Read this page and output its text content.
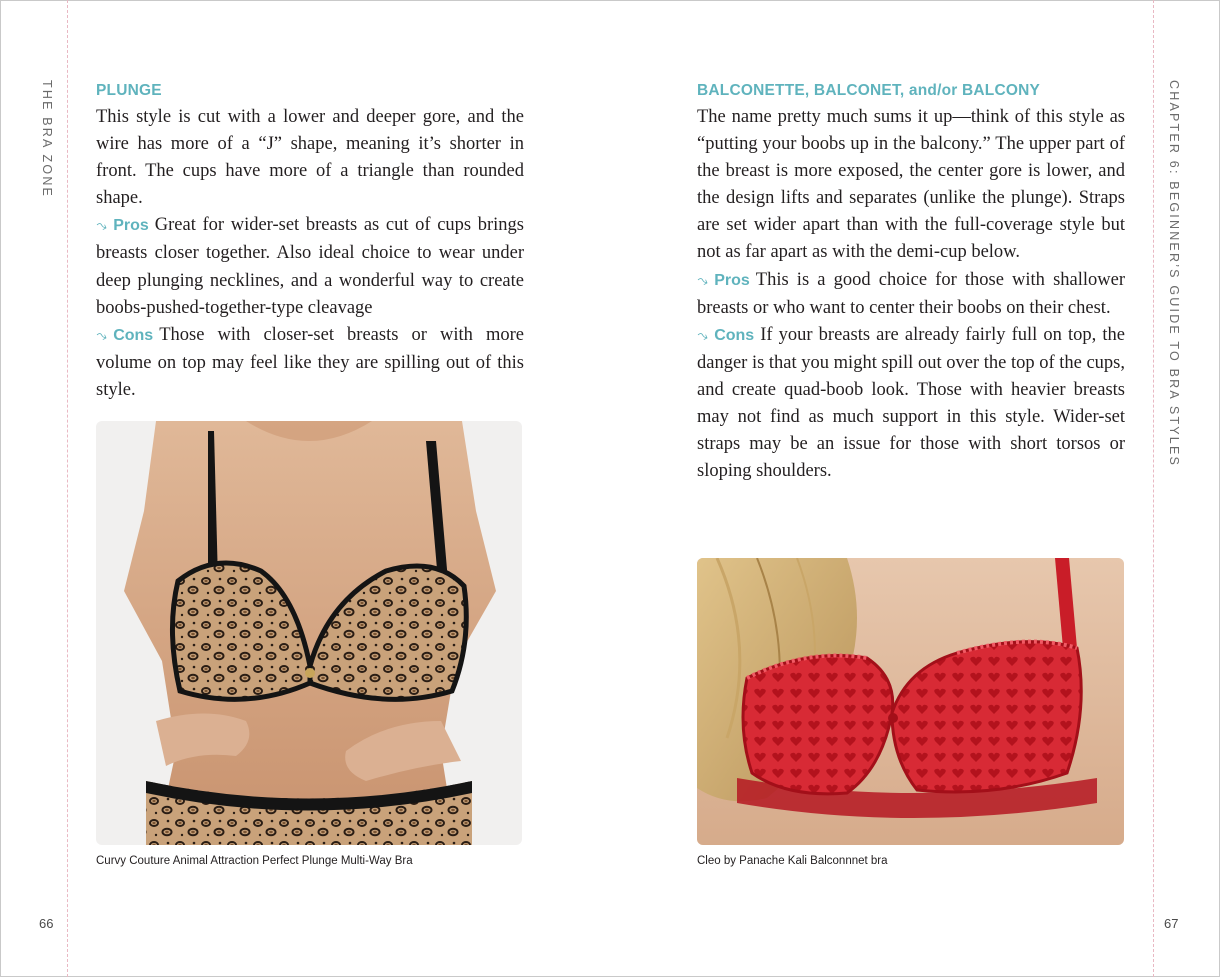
THE BRA ZONE	CHAPTER 6: BEGINNER’S GUIDE TO BRA STYLES
PLUNGE

This style is cut with a lower and deeper gore, and the wire has more of a “J” shape, meaning it’s shorter in front. The cups have more of a triangle than rounded shape.

⤳ Pros Great for wider-set breasts as cut of cups brings breasts closer together. Also ideal choice to wear under deep plunging necklines, and a wonderful way to create boobs-pushed-together-type cleavage

⤳ Cons Those with closer-set breasts or with more volume on top may feel like they are spilling out of this style.

Curvy Couture Animal Attraction Perfect Plunge Multi-Way Bra
BALCONETTE, BALCONET, and/or BALCONY

The name pretty much sums it up—think of this style as “putting your boobs up in the balcony.” The upper part of the breast is more exposed, the center gore is lower, and the design lifts and separates (unlike the plunge). Straps are set wider apart than with the full-coverage style but not as far apart as with the demi-cup below.

⤳ Pros This is a good choice for those with shallower breasts or who want to center their boobs on their chest.

⤳ Cons If your breasts are already fairly full on top, the danger is that you might spill out over the top of the cups, and create quad-boob look. Those with heavier breasts may not find as much support in this style. Wider-set straps may be an issue for those with short torsos or sloping shoulders.

Cleo by Panache Kali Balconnnet bra
66	67
